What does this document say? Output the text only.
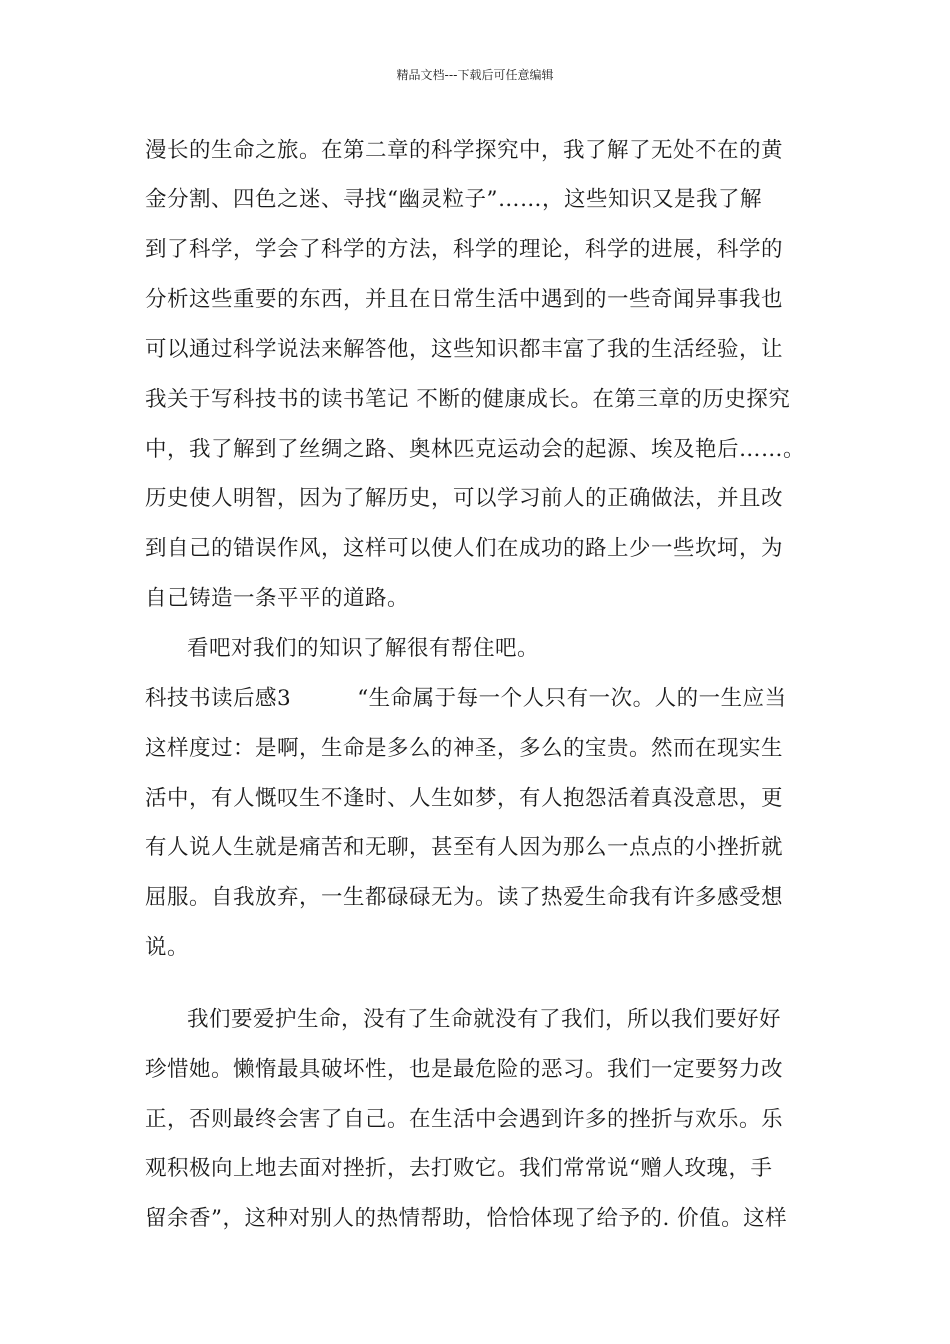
精品文档---下载后可任意编辑
漫长的生命之旅。在第二章的科学探究中，我了解了无处不在的黄
金分割、四色之迷、寻找“幽灵粒子”……，这些知识又是我了解
到了科学，学会了科学的方法，科学的理论，科学的进展，科学的
分析这些重要的东西，并且在日常生活中遇到的一些奇闻异事我也
可以通过科学说法来解答他，这些知识都丰富了我的生活经验，让
我关于写科技书的读书笔记 不断的健康成长。在第三章的历史探究
中，我了解到了丝绸之路、奥林匹克运动会的起源、埃及艳后……。
历史使人明智，因为了解历史，可以学习前人的正确做法，并且改
到自己的错误作风，这样可以使人们在成功的路上少一些坎坷，为
自己铸造一条平平的道路。
看吧对我们的知识了解很有帮住吧。
科技书读后感3	“生命属于每一个人只有一次。人的一生应当
这样度过：是啊，生命是多么的神圣，多么的宝贵。然而在现实生
活中，有人慨叹生不逢时、人生如梦，有人抱怨活着真没意思，更
有人说人生就是痛苦和无聊，甚至有人因为那么一点点的小挫折就
屈服。自我放弃，一生都碌碌无为。读了热爱生命我有许多感受想
说。
我们要爱护生命，没有了生命就没有了我们，所以我们要好好
珍惜她。懒惰最具破坏性，也是最危险的恶习。我们一定要努力改
正，否则最终会害了自己。在生活中会遇到许多的挫折与欢乐。乐
观积极向上地去面对挫折，去打败它。我们常常说“赠人玫瑰，手
留余香”，这种对别人的热情帮助，恰恰体现了给予的. 价值。这样
